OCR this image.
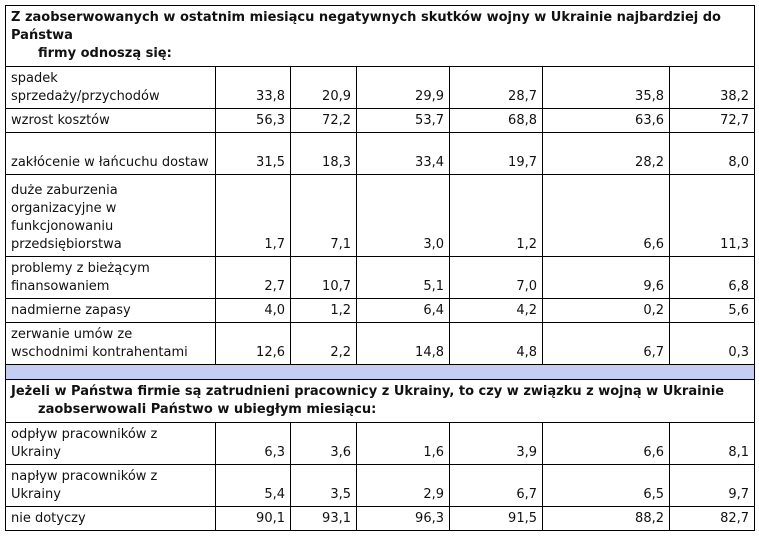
Z zaobserwowanych w ostatnim miesiącu negatywnych skutków wojny w Ukrainie najbardziej do Państwa
firmy odnoszą się:						

spadek sprzedaży/przychodów	33,8	20,9	29,9	28,7	35,8	38,2
wzrost kosztów	56,3	72,2	53,7	68,8	63,6	72,7
zakłócenie w łańcuchu dostaw	31,5	18,3	33,4	19,7	28,2	8,0
duże zaburzenia organizacyjne w funkcjonowaniu przedsiębiorstwa	1,7	7,1	3,0	1,2	6,6	11,3
problemy z bieżącym finansowaniem	2,7	10,7	5,1	7,0	9,6	6,8
nadmierne zapasy	4,0	1,2	6,4	4,2	0,2	5,6
zerwanie umów ze wschodnimi kontrahentami	12,6	2,2	14,8	4,8	6,7	0,3

Jeżeli w Państwa firmie są zatrudnieni pracownicy z Ukrainy, to czy w związku z wojną w Ukrainie
zaobserwowali Państwo w ubiegłym miesiącu:						

odpływ pracowników z Ukrainy	6,3	3,6	1,6	3,9	6,6	8,1
napływ pracowników z Ukrainy	5,4	3,5	2,9	6,7	6,5	9,7
nie dotyczy	90,1	93,1	96,3	91,5	88,2	82,7
